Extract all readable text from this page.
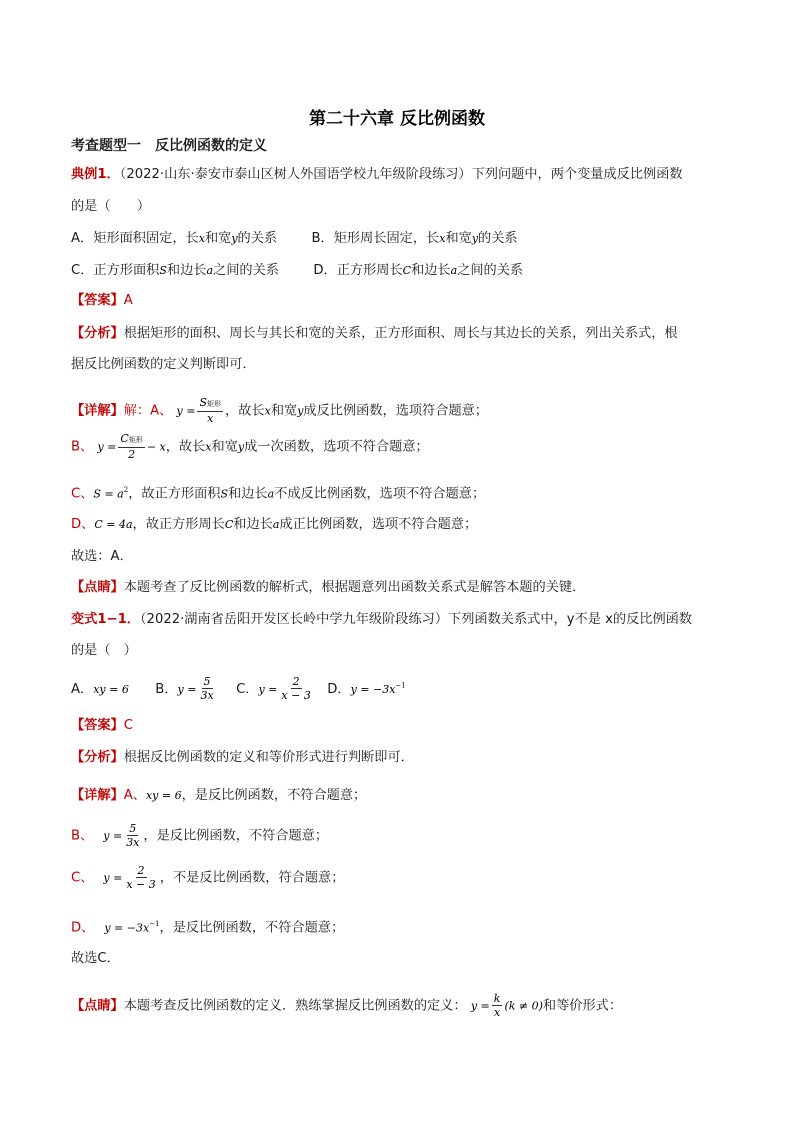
第二十六章 反比例函数
考查题型一　反比例函数的定义
典例1．（2022·山东·泰安市泰山区树人外国语学校九年级阶段练习）下列问题中，两个变量成反比例函数
的是（　　）
A．矩形面积固定，长x和宽y的关系	B．矩形周长固定，长x和宽y的关系
C．正方形面积S和边长a之间的关系	D．正方形周长C和边长a之间的关系
【答案】A
【分析】根据矩形的面积、周长与其长和宽的关系，正方形面积、周长与其边长的关系，列出关系式，根
据反比例函数的定义判断即可．
【详解】解：A、 $y = \frac{\text{S矩形}}{x}$ ，故长x和宽y成反比例函数，选项符合题意；
B、 $y = \frac{\text{C矩形}}{2} - x$，故长x和宽y成一次函数，选项不符合题意；
C、$S = a^2$，故正方形面积S和边长a不成反比例函数，选项不符合题意；
D、C = 4a，故正方形周长C和边长a成正比例函数，选项不符合题意；
故选：A．
【点睛】本题考查了反比例函数的解析式，根据题意列出函数关系式是解答本题的关键．
变式1−1．（2022·湖南省岳阳开发区长岭中学九年级阶段练习）下列函数关系式中，y不是 x的反比例函数
的是（　）
A．xy = 6 B．$y = \frac{5}{3x}$ C．$y = \frac{2}{x - 3}$ D．$y = -3x^{-1}$
【答案】C
【分析】根据反比例函数的定义和等价形式进行判断即可．
【详解】A、xy = 6，是反比例函数，不符合题意；
B、 $y = \frac{5}{3x}$ ，是反比例函数，不符合题意；
C、 $y = \frac{2}{x - 3}$ ，不是反比例函数，符合题意；
D、 $y = -3x^{-1}$，是反比例函数，不符合题意；
故选C．
【点睛】本题考查反比例函数的定义．熟练掌握反比例函数的定义： $y = \frac{k}{x} (k \ne 0)$和等价形式：
